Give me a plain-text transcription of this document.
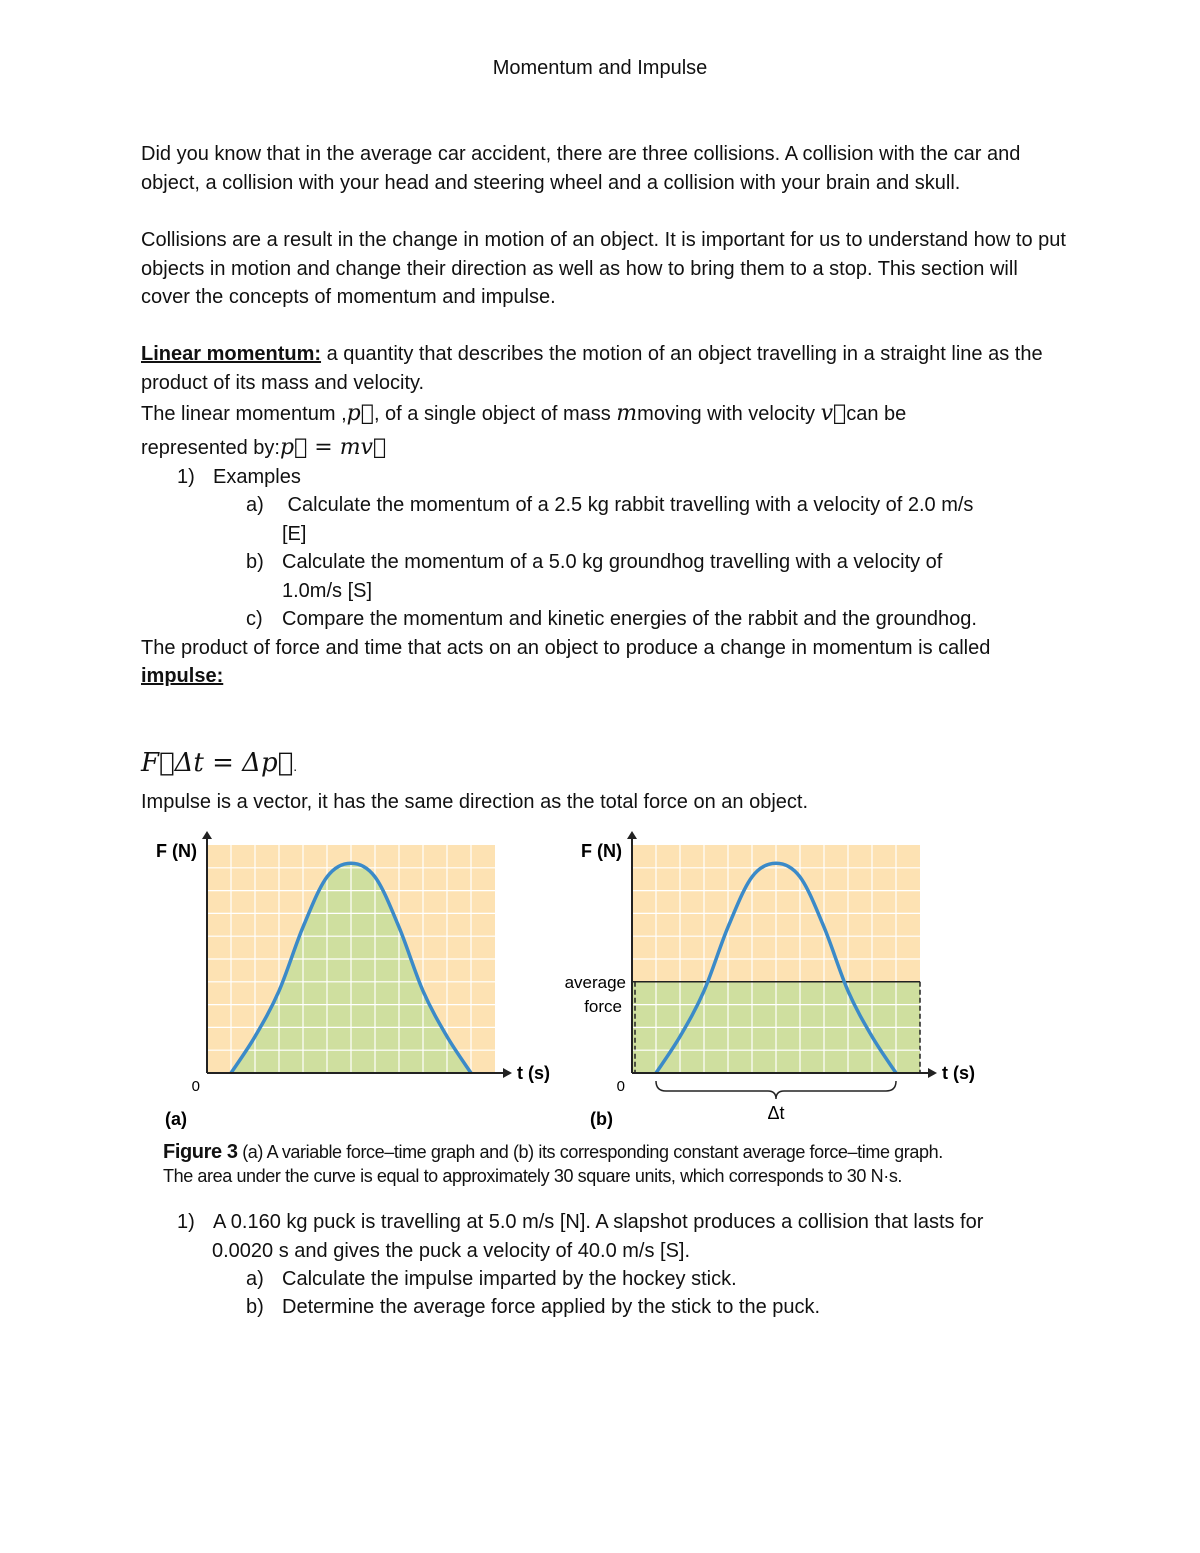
Momentum and Impulse
Did you know that in the average car accident, there are three collisions. A collision with the car and object, a collision with your head and steering wheel and a collision with your brain and skull.
Collisions are a result in the change in motion of an object. It is important for us to understand how to put objects in motion and change their direction as well as how to bring them to a stop. This section will cover the concepts of momentum and impulse.
Linear momentum: a quantity that describes the motion of an object travelling in a straight line as the product of its mass and velocity.
The linear momentum ,p⃗, of a single object of mass mmoving with velocity v⃗can be
represented by:p⃗ = mv⃗
1) Examples
a) Calculate the momentum of a 2.5 kg rabbit travelling with a velocity of 2.0 m/s
[E]
b) Calculate the momentum of a 5.0 kg groundhog travelling with a velocity of
1.0m/s [S]
c) Compare the momentum and kinetic energies of the rabbit and the groundhog.
The product of force and time that acts on an object to produce a change in momentum is called
impulse:
F⃗Δt = Δp⃗.
Impulse is a vector, it has the same direction as the total force on an object.
F (N)
t (s)
0
(a)	Δt
average
force
F (N)
t (s)
0
(b)
Figure 3 (a) A variable force–time graph and (b) its corresponding constant average force–time graph.
The area under the curve is equal to approximately 30 square units, which corresponds to 30 N·s.
1) A 0.160 kg puck is travelling at 5.0 m/s [N]. A slapshot produces a collision that lasts for
0.0020 s and gives the puck a velocity of 40.0 m/s [S].
a) Calculate the impulse imparted by the hockey stick.
b) Determine the average force applied by the stick to the puck.
